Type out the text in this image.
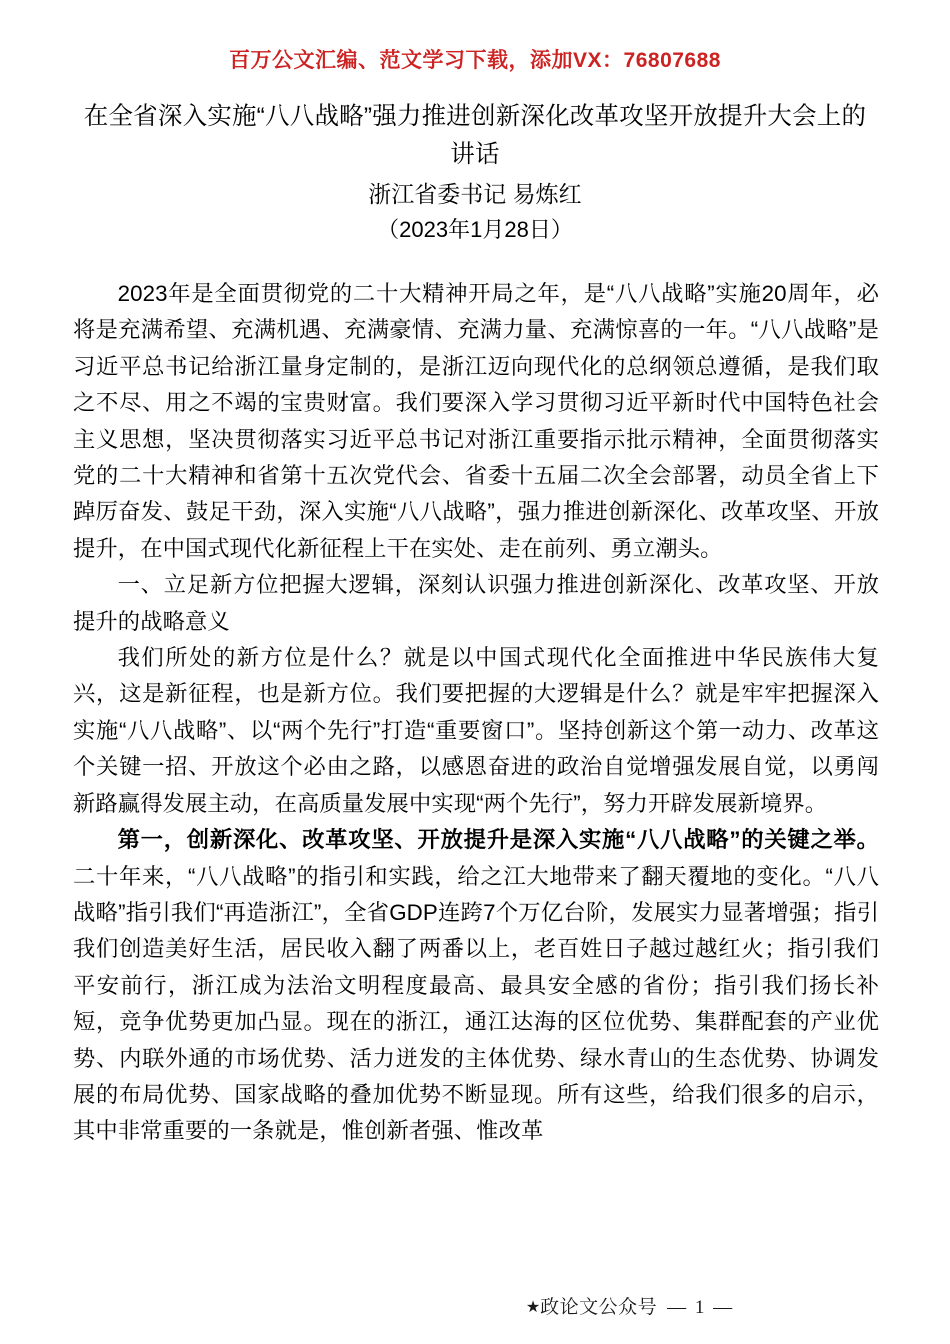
百万公文汇编、范文学习下载，添加VX：76807688
在全省深入实施“八八战略”强力推进创新深化改革攻坚开放提升大会上的讲话

浙江省委书记 易炼红

（2023年1月28日）

2023年是全面贯彻党的二十大精神开局之年，是“八八战略”实施20周年，必将是充满希望、充满机遇、充满豪情、充满力量、充满惊喜的一年。“八八战略”是习近平总书记给浙江量身定制的，是浙江迈向现代化的总纲领总遵循，是我们取之不尽、用之不竭的宝贵财富。我们要深入学习贯彻习近平新时代中国特色社会主义思想，坚决贯彻落实习近平总书记对浙江重要指示批示精神，全面贯彻落实党的二十大精神和省第十五次党代会、省委十五届二次全会部署，动员全省上下踔厉奋发、鼓足干劲，深入实施“八八战略”，强力推进创新深化、改革攻坚、开放提升，在中国式现代化新征程上干在实处、走在前列、勇立潮头。

一、立足新方位把握大逻辑，深刻认识强力推进创新深化、改革攻坚、开放提升的战略意义

我们所处的新方位是什么？就是以中国式现代化全面推进中华民族伟大复兴，这是新征程，也是新方位。我们要把握的大逻辑是什么？就是牢牢把握深入实施“八八战略”、以“两个先行”打造“重要窗口”。坚持创新这个第一动力、改革这个关键一招、开放这个必由之路，以感恩奋进的政治自觉增强发展自觉，以勇闯新路赢得发展主动，在高质量发展中实现“两个先行”，努力开辟发展新境界。

第一，创新深化、改革攻坚、开放提升是深入实施“八八战略”的关键之举。二十年来，“八八战略”的指引和实践，给之江大地带来了翻天覆地的变化。“八八战略”指引我们“再造浙江”，全省GDP连跨7个万亿台阶，发展实力显著增强；指引我们创造美好生活，居民收入翻了两番以上，老百姓日子越过越红火；指引我们平安前行，浙江成为法治文明程度最高、最具安全感的省份；指引我们扬长补短，竞争优势更加凸显。现在的浙江，通江达海的区位优势、集群配套的产业优势、内联外通的市场优势、活力迸发的主体优势、绿水青山的生态优势、协调发展的布局优势、国家战略的叠加优势不断显现。所有这些，给我们很多的启示，其中非常重要的一条就是，惟创新者强、惟改革

★政论文公众号 — 1 —
